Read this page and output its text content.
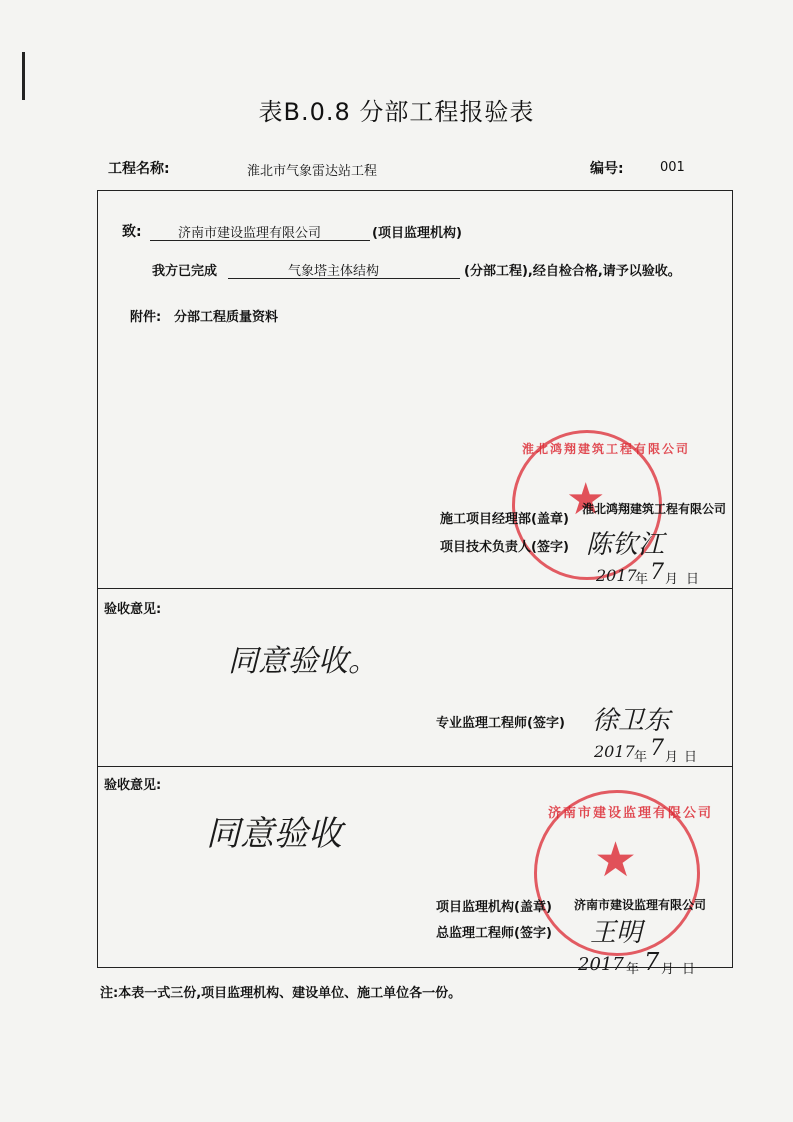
表B.0.8 分部工程报验表
工程名称:	淮北市气象雷达站工程	编号:	001
致:	济南市建设监理有限公司	(项目监理机构)
我方已完成	气象塔主体结构	(分部工程),经自检合格,请予以验收。
附件: 分部工程质量资料
★
淮北鸿翔建筑工程有限公司
施工项目经理部(盖章)
淮北鸿翔建筑工程有限公司
项目技术负责人(签字) 陈钦江
2017
年 7 月 日
验收意见:
同意验收。
专业监理工程师(签字) 徐卫东
2017 年 7 月 日
验收意见:
同意验收	★
济南市建设监理有限公司
项目监理机构(盖章) 济南市建设监理有限公司
总监理工程师(签字) 王明
2017 年 7 月 日
注:本表一式三份,项目监理机构、建设单位、施工单位各一份。
